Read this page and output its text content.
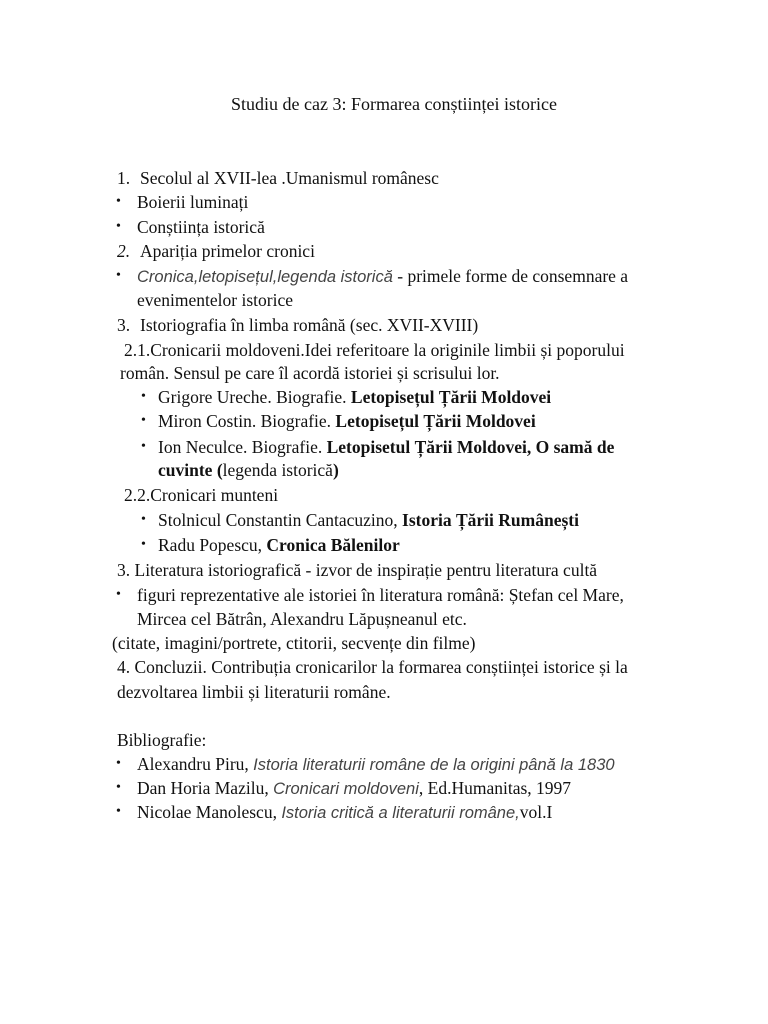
Studiu de caz 3: Formarea conștiinței istorice
1. Secolul al XVII-lea .Umanismul românesc
• Boierii luminați
• Conștiința istorică
2. Apariția primelor cronici
• Cronica,letopisețul,legenda istorică - primele forme de consemnare a
evenimentelor istorice
3. Istoriografia în limba română (sec. XVII-XVIII)
2.1.Cronicarii moldoveni.Idei referitoare la originile limbii și poporului
român. Sensul pe care îl acordă istoriei și scrisului lor.
• Grigore Ureche. Biografie. Letopisețul Țării Moldovei
• Miron Costin. Biografie. Letopisețul Țării Moldovei
• Ion Neculce. Biografie. Letopisetul Țării Moldovei, O samă de
cuvinte (legenda istorică)
2.2.Cronicari munteni
• Stolnicul Constantin Cantacuzino, Istoria Țării Rumânești
• Radu Popescu, Cronica Bălenilor
3. Literatura istoriografică - izvor de inspirație pentru literatura cultă
• figuri reprezentative ale istoriei în literatura română: Ștefan cel Mare,
Mircea cel Bătrân, Alexandru Lăpușneanul etc.
(citate, imagini/portrete, ctitorii, secvențe din filme)
4. Concluzii. Contribuția cronicarilor la formarea conștiinței istorice și la
dezvoltarea limbii și literaturii române.
Bibliografie:
• Alexandru Piru, Istoria literaturii române de la origini până la 1830
• Dan Horia Mazilu, Cronicari moldoveni, Ed.Humanitas, 1997
• Nicolae Manolescu, Istoria critică a literaturii române,vol.I
